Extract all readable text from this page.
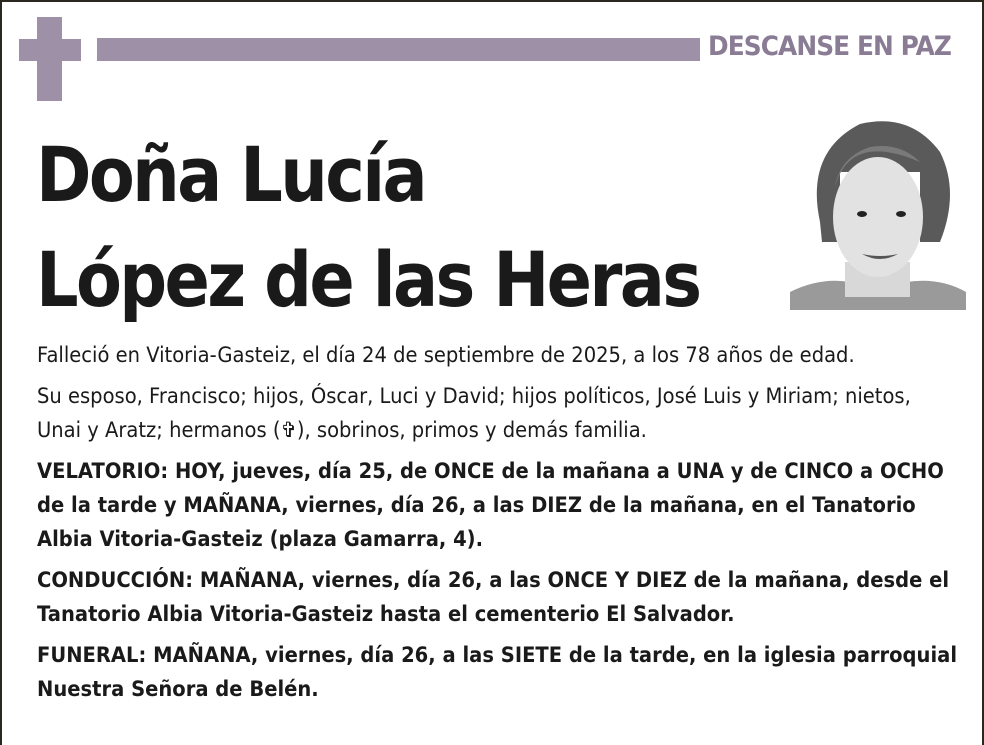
DESCANSE EN PAZ
Doña Lucía
López de las Heras

Falleció en Vitoria-Gasteiz, el día 24 de septiembre de 2025, a los 78 años de edad.

Su esposo, Francisco; hijos, Óscar, Luci y David; hijos políticos, José Luis y Miriam; nietos, Unai y Aratz; hermanos (✞), sobrinos, primos y demás familia.

VELATORIO: HOY, jueves, día 25, de ONCE de la mañana a UNA y de CINCO a OCHO de la tarde y MAÑANA, viernes, día 26, a las DIEZ de la mañana, en el Tanatorio Albia Vitoria-Gasteiz (plaza Gamarra, 4).

CONDUCCIÓN: MAÑANA, viernes, día 26, a las ONCE Y DIEZ de la mañana, desde el Tanatorio Albia Vitoria-Gasteiz hasta el cementerio El Salvador.

FUNERAL: MAÑANA, viernes, día 26, a las SIETE de la tarde, en la iglesia parroquial Nuestra Señora de Belén.
